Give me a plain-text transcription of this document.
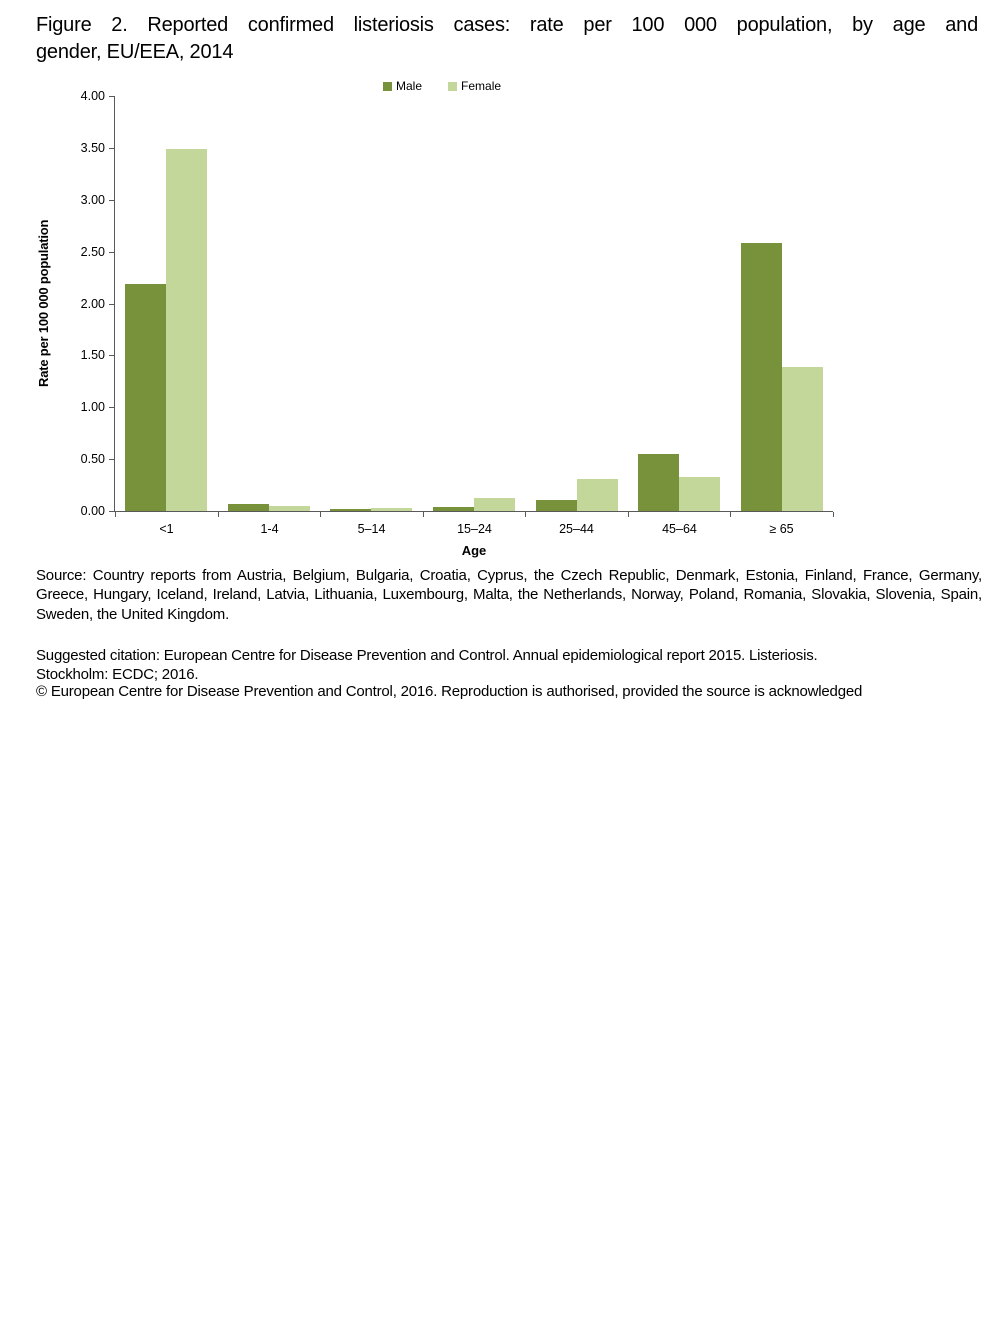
Figure 2. Reported confirmed listeriosis cases: rate per 100 000 population, by age and
gender, EU/EEA, 2014
Male	Female
Rate per 100 000 population
0.00
0.50
1.00
1.50
2.00
2.50
3.00
3.50
4.00
<1	1-4	5–14	15–24	25–44	45–64	≥ 65
Age
Source: Country reports from Austria, Belgium, Bulgaria, Croatia, Cyprus, the Czech Republic, Denmark, Estonia, Finland, France, Germany, Greece, Hungary, Iceland, Ireland, Latvia, Lithuania, Luxembourg, Malta, the Netherlands, Norway, Poland, Romania, Slovakia, Slovenia, Spain, Sweden, the United Kingdom.
Suggested citation: European Centre for Disease Prevention and Control. Annual epidemiological report 2015. Listeriosis.
Stockholm: ECDC; 2016.
© European Centre for Disease Prevention and Control, 2016. Reproduction is authorised, provided the source is acknowledged
